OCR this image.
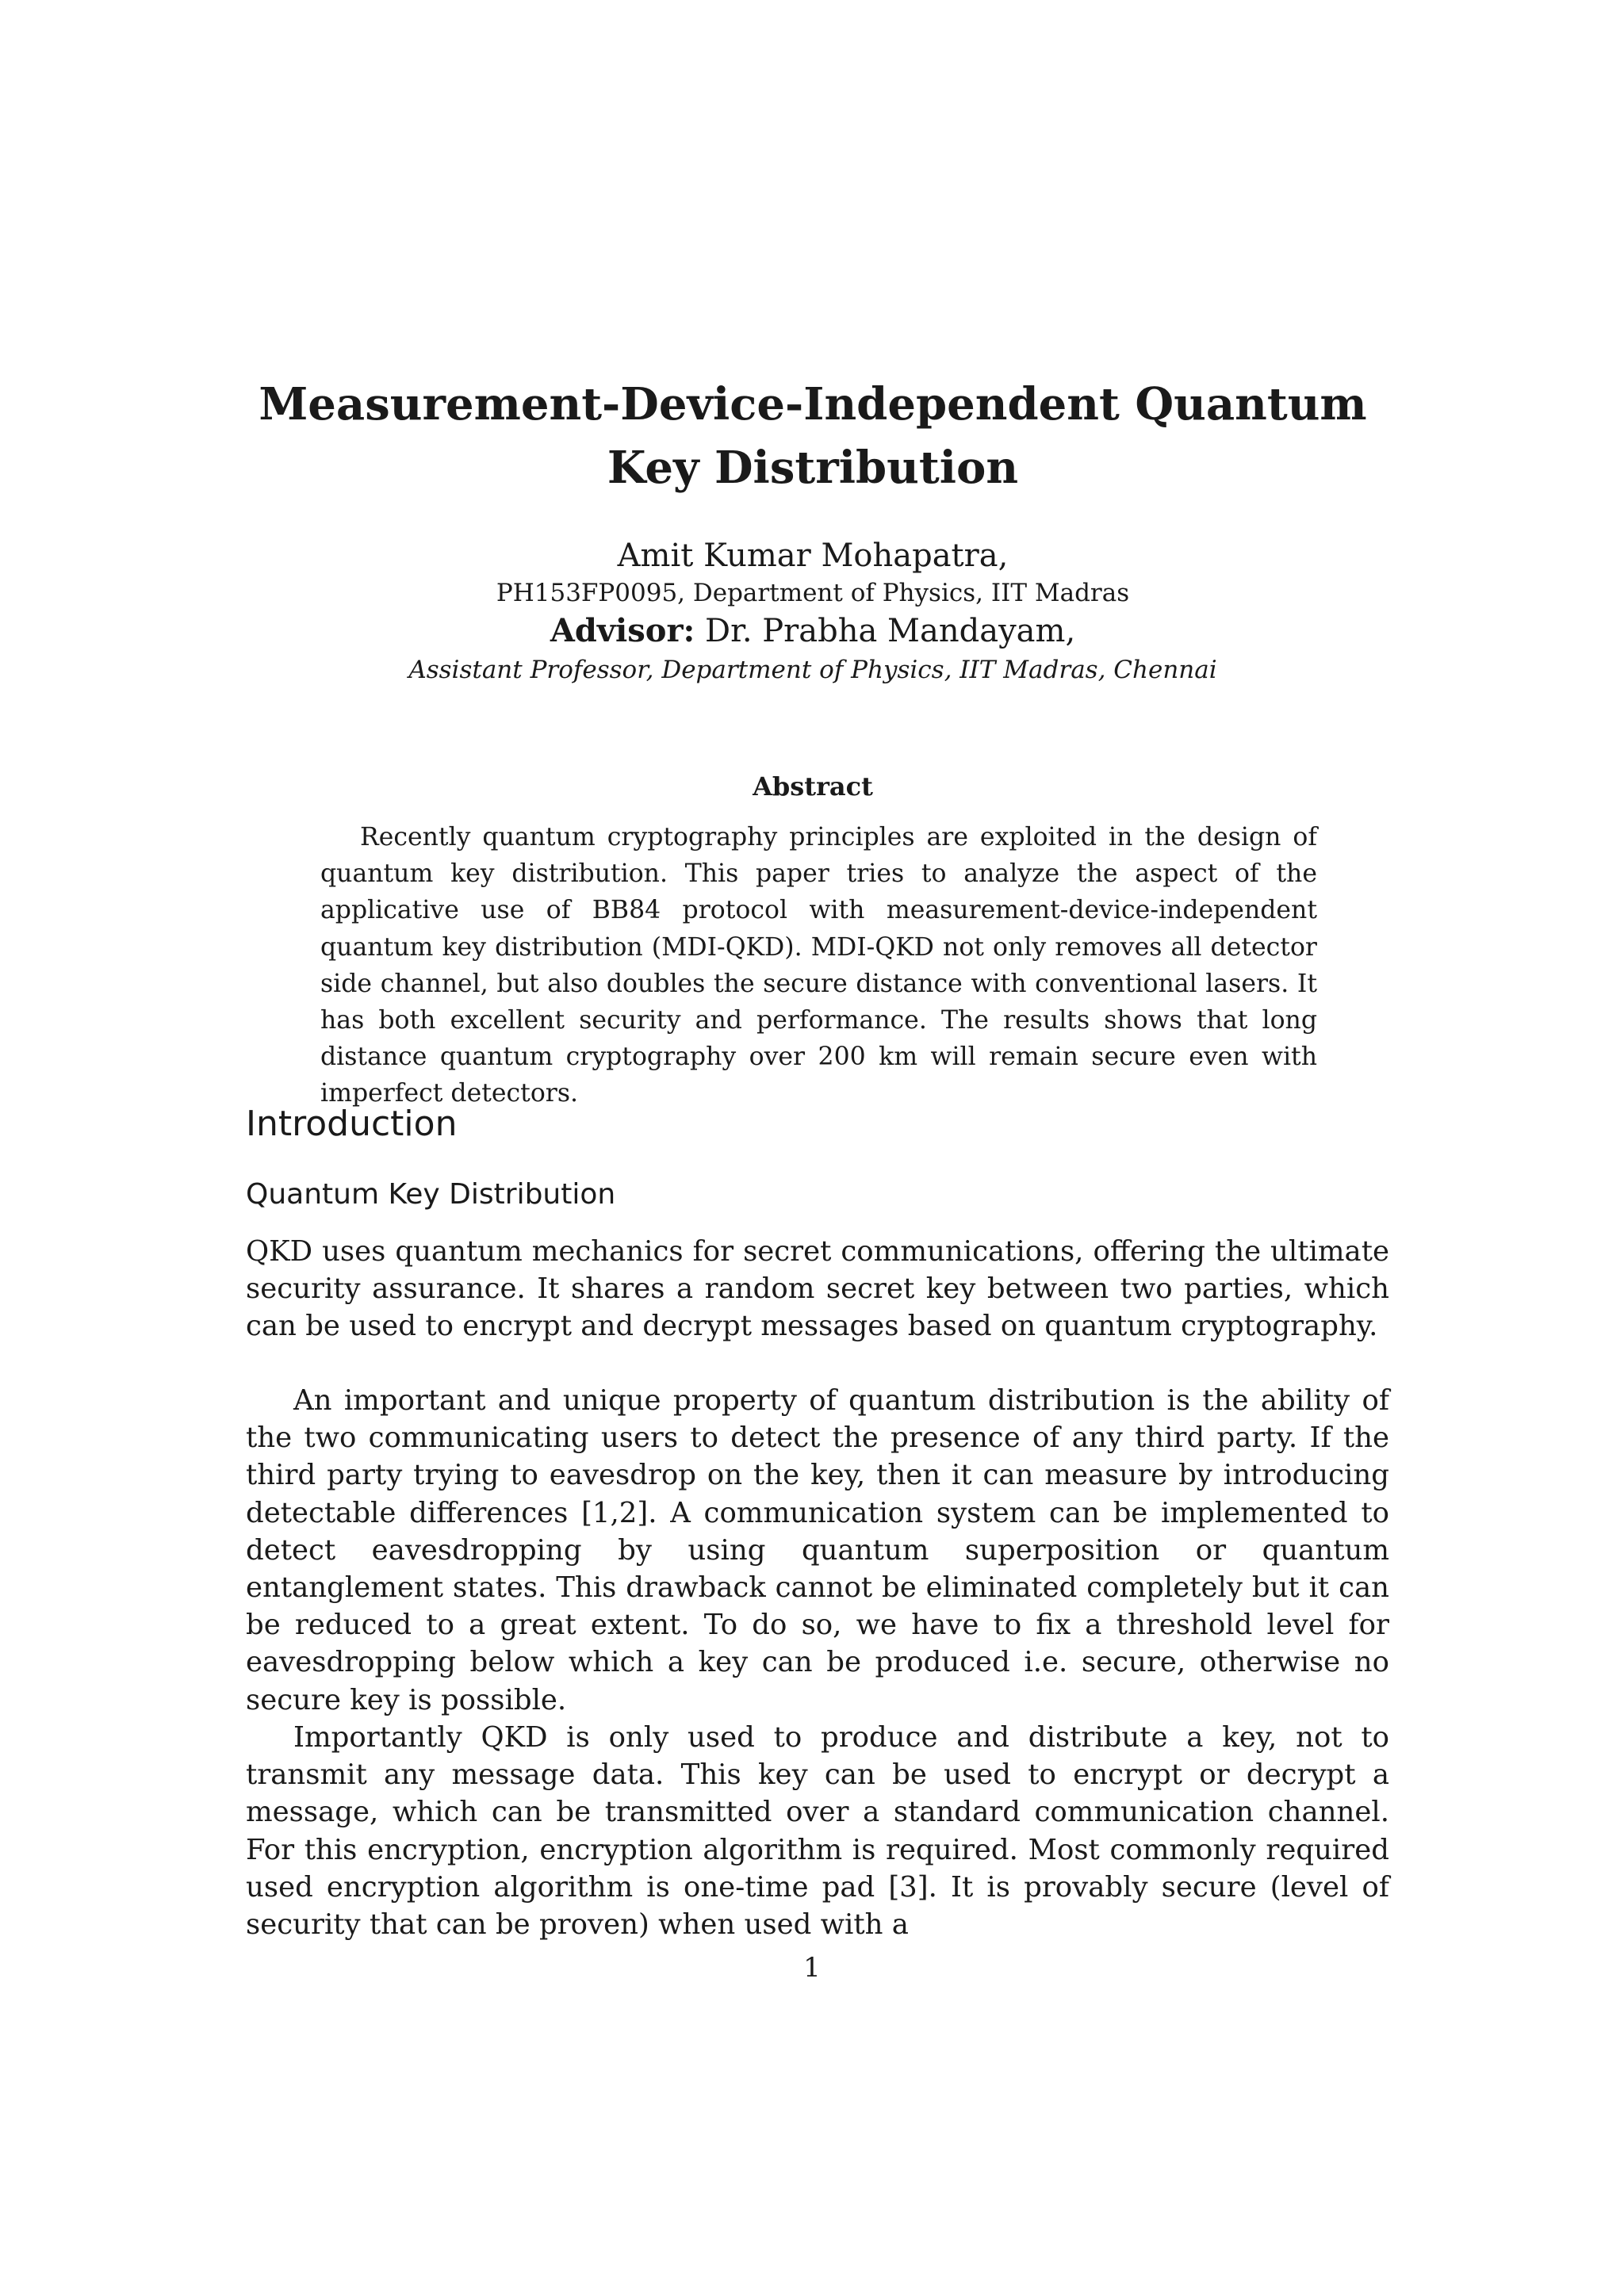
Measurement-Device-Independent Quantum Key Distribution
Amit Kumar Mohapatra,
PH153FP0095, Department of Physics, IIT Madras
Advisor: Dr. Prabha Mandayam,
Assistant Professor, Department of Physics, IIT Madras, Chennai
Abstract

Recently quantum cryptography principles are exploited in the design of quantum key distribution. This paper tries to analyze the aspect of the applicative use of BB84 protocol with measurement-device-independent quantum key distribution (MDI-QKD). MDI-QKD not only removes all detector side channel, but also doubles the secure distance with conventional lasers. It has both excellent security and performance. The results shows that long distance quantum cryptography over 200 km will remain secure even with imperfect detectors.

Introduction
Quantum Key Distribution

QKD uses quantum mechanics for secret communications, offering the ultimate security assurance. It shares a random secret key between two parties, which can be used to encrypt and decrypt messages based on quantum cryptography.

An important and unique property of quantum distribution is the ability of the two communicating users to detect the presence of any third party. If the third party trying to eavesdrop on the key, then it can measure by introducing detectable differences [1,2]. A communication system can be implemented to detect eavesdropping by using quantum superposition or quantum entanglement states. This drawback cannot be eliminated completely but it can be reduced to a great extent. To do so, we have to fix a threshold level for eavesdropping below which a key can be produced i.e. secure, otherwise no secure key is possible.

Importantly QKD is only used to produce and distribute a key, not to transmit any message data. This key can be used to encrypt or decrypt a message, which can be transmitted over a standard communication channel. For this encryption, encryption algorithm is required. Most commonly required used encryption algorithm is one-time pad [3]. It is provably secure (level of security that can be proven) when used with a

1
